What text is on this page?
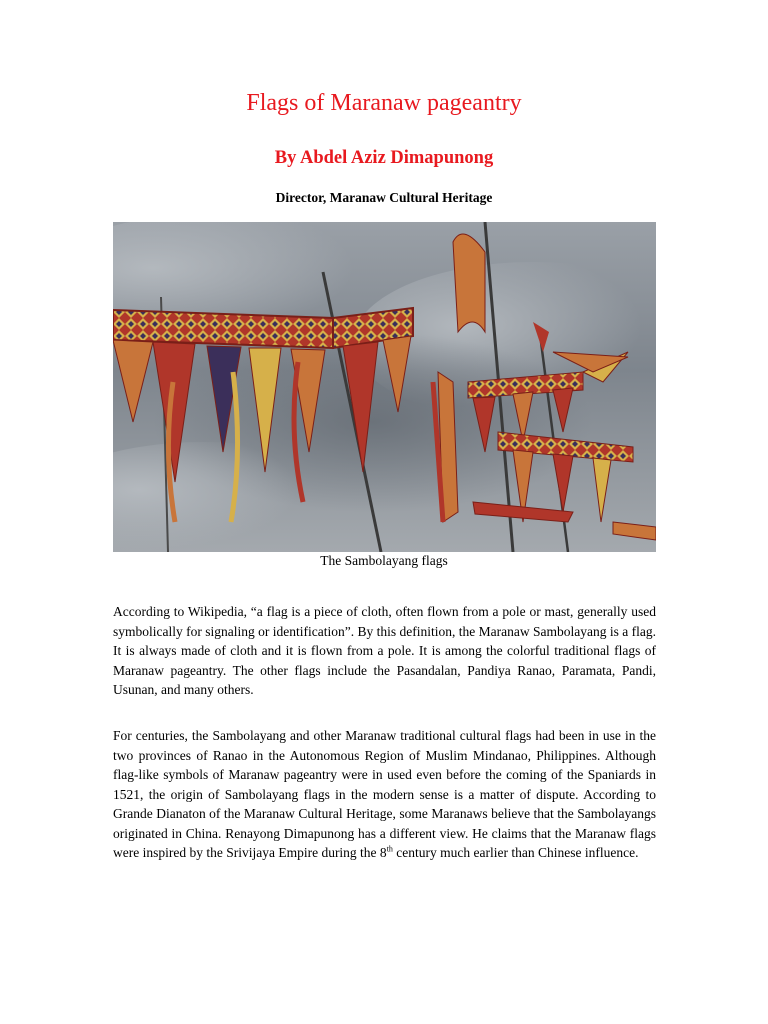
Flags of Maranaw pageantry
By Abdel Aziz Dimapunong

Director, Maranaw Cultural Heritage

The Sambolayang flags

According to Wikipedia, “a flag is a piece of cloth, often flown from a pole or mast, generally used symbolically for signaling or identification”. By this definition, the Maranaw Sambolayang is a flag. It is always made of cloth and it is flown from a pole. It is among the colorful traditional flags of Maranaw pageantry. The other flags include the Pasandalan, Pandiya Ranao, Paramata, Pandi, Usunan, and many others.

For centuries, the Sambolayang and other Maranaw traditional cultural flags had been in use in the two provinces of Ranao in the Autonomous Region of Muslim Mindanao, Philippines. Although flag-like symbols of Maranaw pageantry were in used even before the coming of the Spaniards in 1521, the origin of Sambolayang flags in the modern sense is a matter of dispute. According to Grande Dianaton of the Maranaw Cultural Heritage, some Maranaws believe that the Sambolayangs originated in China. Renayong Dimapunong has a different view. He claims that the Maranaw flags were inspired by the Srivijaya Empire during the 8th century much earlier than Chinese influence.
